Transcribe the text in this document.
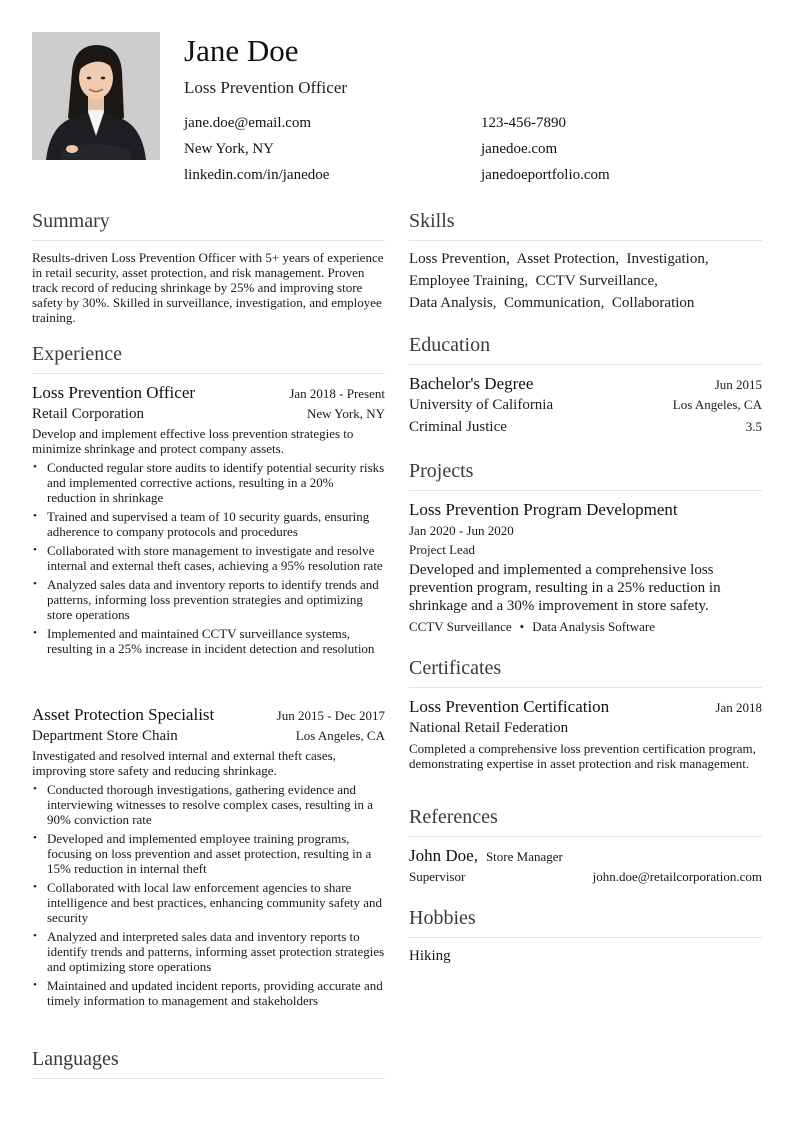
Jane Doe
Loss Prevention Officer
jane.doe@email.com	123-456-7890
New York, NY	janedoe.com
linkedin.com/in/janedoe	janedoeportfolio.com
Summary
Results-driven Loss Prevention Officer with 5+ years of experience in retail security, asset protection, and risk management. Proven track record of reducing shrinkage by 25% and improving store safety by 30%. Skilled in surveillance, investigation, and employee training.
Experience
Loss Prevention Officer	Jan 2018 - Present
Retail Corporation	New York, NY
Develop and implement effective loss prevention strategies to minimize shrinkage and protect company assets.
• Conducted regular store audits to identify potential security risks and implemented corrective actions, resulting in a 20% reduction in shrinkage
• Trained and supervised a team of 10 security guards, ensuring adherence to company protocols and procedures
• Collaborated with store management to investigate and resolve internal and external theft cases, achieving a 95% resolution rate
• Analyzed sales data and inventory reports to identify trends and patterns, informing loss prevention strategies and optimizing store operations
• Implemented and maintained CCTV surveillance systems, resulting in a 25% increase in incident detection and resolution
Asset Protection Specialist	Jun 2015 - Dec 2017
Department Store Chain	Los Angeles, CA
Investigated and resolved internal and external theft cases, improving store safety and reducing shrinkage.
• Conducted thorough investigations, gathering evidence and interviewing witnesses to resolve complex cases, resulting in a 90% conviction rate
• Developed and implemented employee training programs, focusing on loss prevention and asset protection, resulting in a 15% reduction in internal theft
• Collaborated with local law enforcement agencies to share intelligence and best practices, enhancing community safety and security
• Analyzed and interpreted sales data and inventory reports to identify trends and patterns, informing asset protection strategies and optimizing store operations
• Maintained and updated incident reports, providing accurate and timely information to management and stakeholders
Languages
Skills
Loss Prevention, Asset Protection, Investigation,
Employee Training, CCTV Surveillance,
Data Analysis, Communication, Collaboration
Education
Bachelor's Degree	Jun 2015
University of California	Los Angeles, CA
Criminal Justice	3.5
Projects
Loss Prevention Program Development
Jan 2020 - Jun 2020
Project Lead
Developed and implemented a comprehensive loss prevention program, resulting in a 25% reduction in shrinkage and a 30% improvement in store safety.
CCTV Surveillance • Data Analysis Software
Certificates
Loss Prevention Certification	Jan 2018
National Retail Federation
Completed a comprehensive loss prevention certification program, demonstrating expertise in asset protection and risk management.
References
John Doe, Store Manager
Supervisor	john.doe@retailcorporation.com
Hobbies
Hiking
